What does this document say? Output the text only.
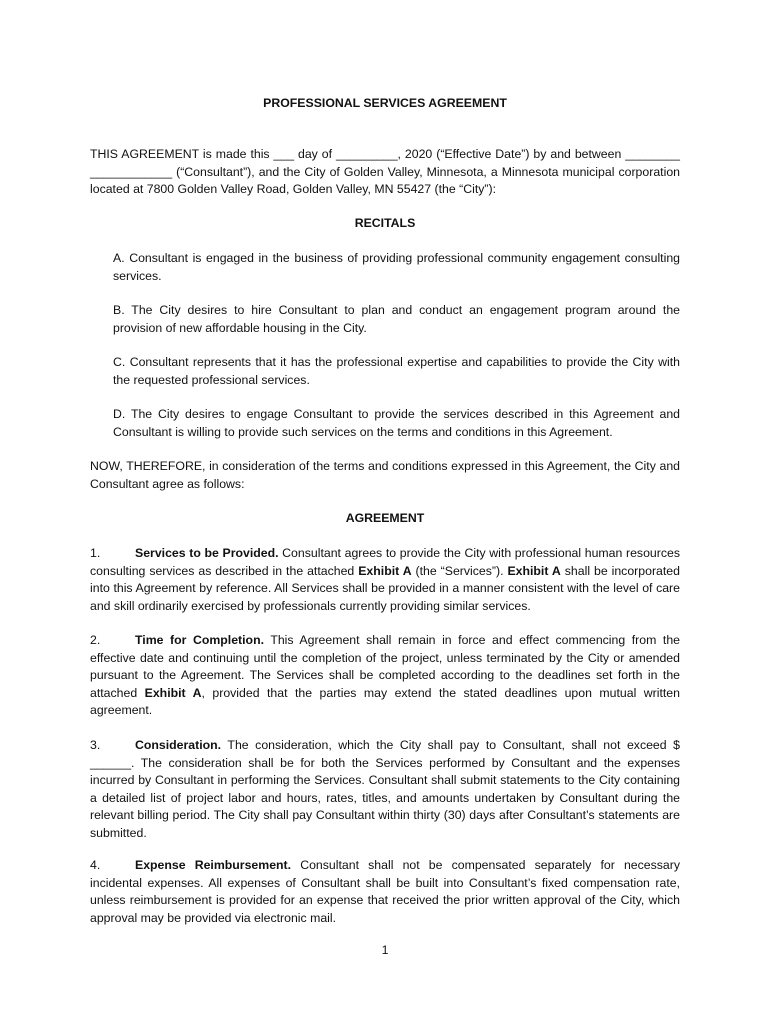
PROFESSIONAL SERVICES AGREEMENT

THIS AGREEMENT is made this ___ day of _________, 2020 (“Effective Date”) by and between ________

____________ (“Consultant”), and the City of Golden Valley, Minnesota, a Minnesota municipal corporation located at 7800 Golden Valley Road, Golden Valley, MN 55427 (the “City”):

RECITALS

A. Consultant is engaged in the business of providing professional community engagement consulting services.

B. The City desires to hire Consultant to plan and conduct an engagement program around the provision of new affordable housing in the City.

C. Consultant represents that it has the professional expertise and capabilities to provide the City with the requested professional services.

D. The City desires to engage Consultant to provide the services described in this Agreement and Consultant is willing to provide such services on the terms and conditions in this Agreement.

NOW, THEREFORE, in consideration of the terms and conditions expressed in this Agreement, the City and Consultant agree as follows:

AGREEMENT

1.	Services to be Provided. Consultant agrees to provide the City with professional human resources consulting services as described in the attached Exhibit A (the “Services”). Exhibit A shall be incorporated into this Agreement by reference. All Services shall be provided in a manner consistent with the level of care and skill ordinarily exercised by professionals currently providing similar services.

2.	Time for Completion. This Agreement shall remain in force and effect commencing from the effective date and continuing until the completion of the project, unless terminated by the City or amended pursuant to the Agreement. The Services shall be completed according to the deadlines set forth in the attached Exhibit A, provided that the parties may extend the stated deadlines upon mutual written agreement.

3.	Consideration. The consideration, which the City shall pay to Consultant, shall not exceed $ ______. The consideration shall be for both the Services performed by Consultant and the expenses incurred by Consultant in performing the Services. Consultant shall submit statements to the City containing a detailed list of project labor and hours, rates, titles, and amounts undertaken by Consultant during the relevant billing period. The City shall pay Consultant within thirty (30) days after Consultant’s statements are submitted.

4.	Expense Reimbursement. Consultant shall not be compensated separately for necessary incidental expenses. All expenses of Consultant shall be built into Consultant’s fixed compensation rate, unless reimbursement is provided for an expense that received the prior written approval of the City, which approval may be provided via electronic mail.

1
